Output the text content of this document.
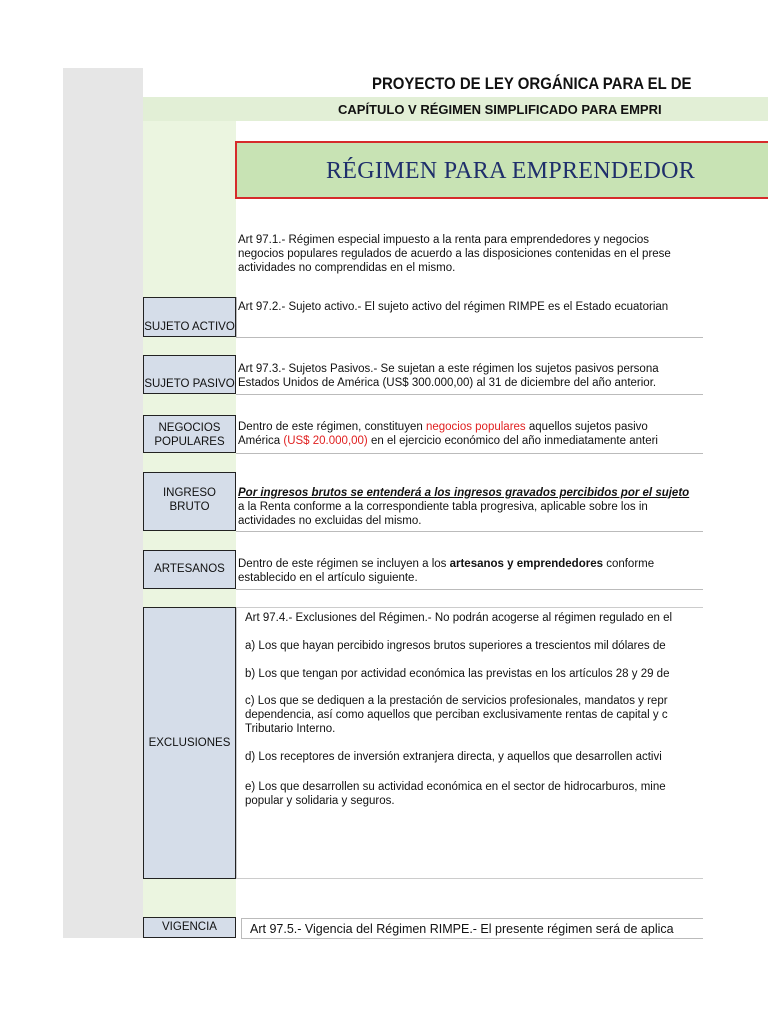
PROYECTO DE LEY ORGÁNICA PARA EL DE
CAPÍTULO V RÉGIMEN SIMPLIFICADO PARA EMPRI
RÉGIMEN PARA EMPRENDEDOR

Art 97.1.- Régimen especial impuesto a la renta para emprendedores y negocios

negocios populares regulados de acuerdo a las disposiciones contenidas en el prese

actividades no comprendidas en el mismo.

SUJETO ACTIVO

Art 97.2.- Sujeto activo.- El sujeto activo del régimen RIMPE es el Estado ecuatorian

SUJETO PASIVO

Art 97.3.- Sujetos Pasivos.- Se sujetan a este régimen los sujetos pasivos persona

Estados Unidos de América (US$ 300.000,00) al 31 de diciembre del año anterior.

NEGOCIOS
POPULARES

Dentro de este régimen, constituyen negocios populares aquellos sujetos pasivo

América (US$ 20.000,00) en el ejercicio económico del año inmediatamente anteri

INGRESO
BRUTO

Por ingresos brutos se entenderá a los ingresos gravados percibidos por el sujeto

a la Renta conforme a la correspondiente tabla progresiva, aplicable sobre los in

actividades no excluidas del mismo.

ARTESANOS	Dentro de este régimen se incluyen a los artesanos y emprendedores conforme

establecido en el artículo siguiente.

EXCLUSIONES

Art 97.4.- Exclusiones del Régimen.- No podrán acogerse al régimen regulado en el

a) Los que hayan percibido ingresos brutos superiores a trescientos mil dólares de

b) Los que tengan por actividad económica las previstas en los artículos 28 y 29 de

c) Los que se dediquen a la prestación de servicios profesionales, mandatos y repr

dependencia, así como aquellos que perciban exclusivamente rentas de capital y c

Tributario Interno.

d) Los receptores de inversión extranjera directa, y aquellos que desarrollen activi

e) Los que desarrollen su actividad económica en el sector de hidrocarburos, mine

popular y solidaria y seguros.

VIGENCIA	Art 97.5.- Vigencia del Régimen RIMPE.- El presente régimen será de aplica
